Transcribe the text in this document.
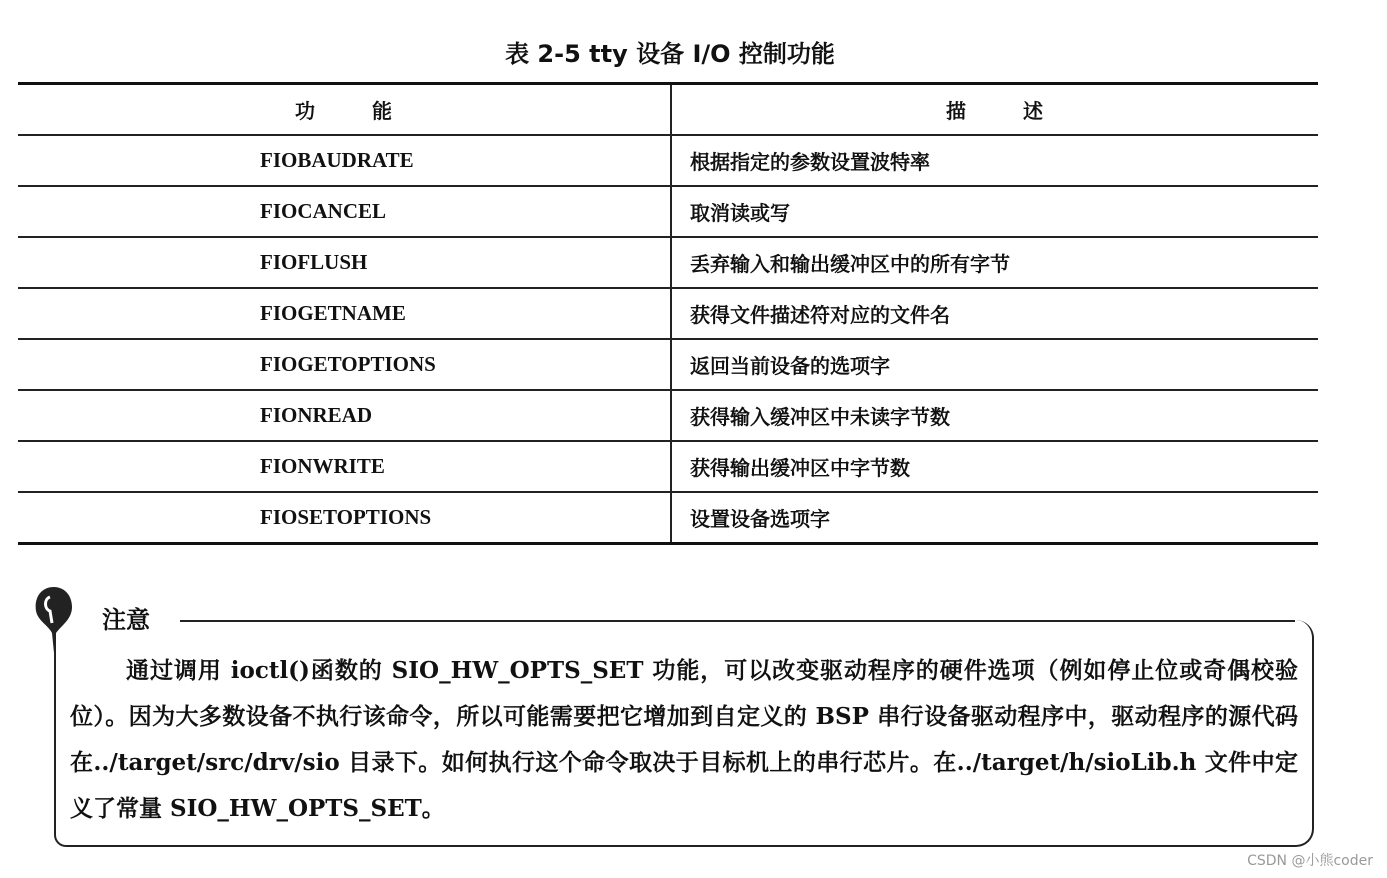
表 2-5 tty 设备 I/O 控制功能
功 能	描 述
FIOBAUDRATE	根据指定的参数设置波特率
FIOCANCEL	取消读或写
FIOFLUSH	丢弃输入和输出缓冲区中的所有字节
FIOGETNAME	获得文件描述符对应的文件名
FIOGETOPTIONS	返回当前设备的选项字
FIONREAD	获得输入缓冲区中未读字节数
FIONWRITE	获得输出缓冲区中字节数
FIOSETOPTIONS	设置设备选项字
注意
通过调用 ioctl()函数的 SIO_HW_OPTS_SET 功能，可以改变驱动程序的硬件选项（例如停止位或奇偶校验位）。因为大多数设备不执行该命令，所以可能需要把它增加到自定义的 BSP 串行设备驱动程序中，驱动程序的源代码在../target/src/drv/sio 目录下。如何执行这个命令取决于目标机上的串行芯片。在../target/h/sioLib.h 文件中定义了常量 SIO_HW_OPTS_SET。
CSDN @小熊coder
